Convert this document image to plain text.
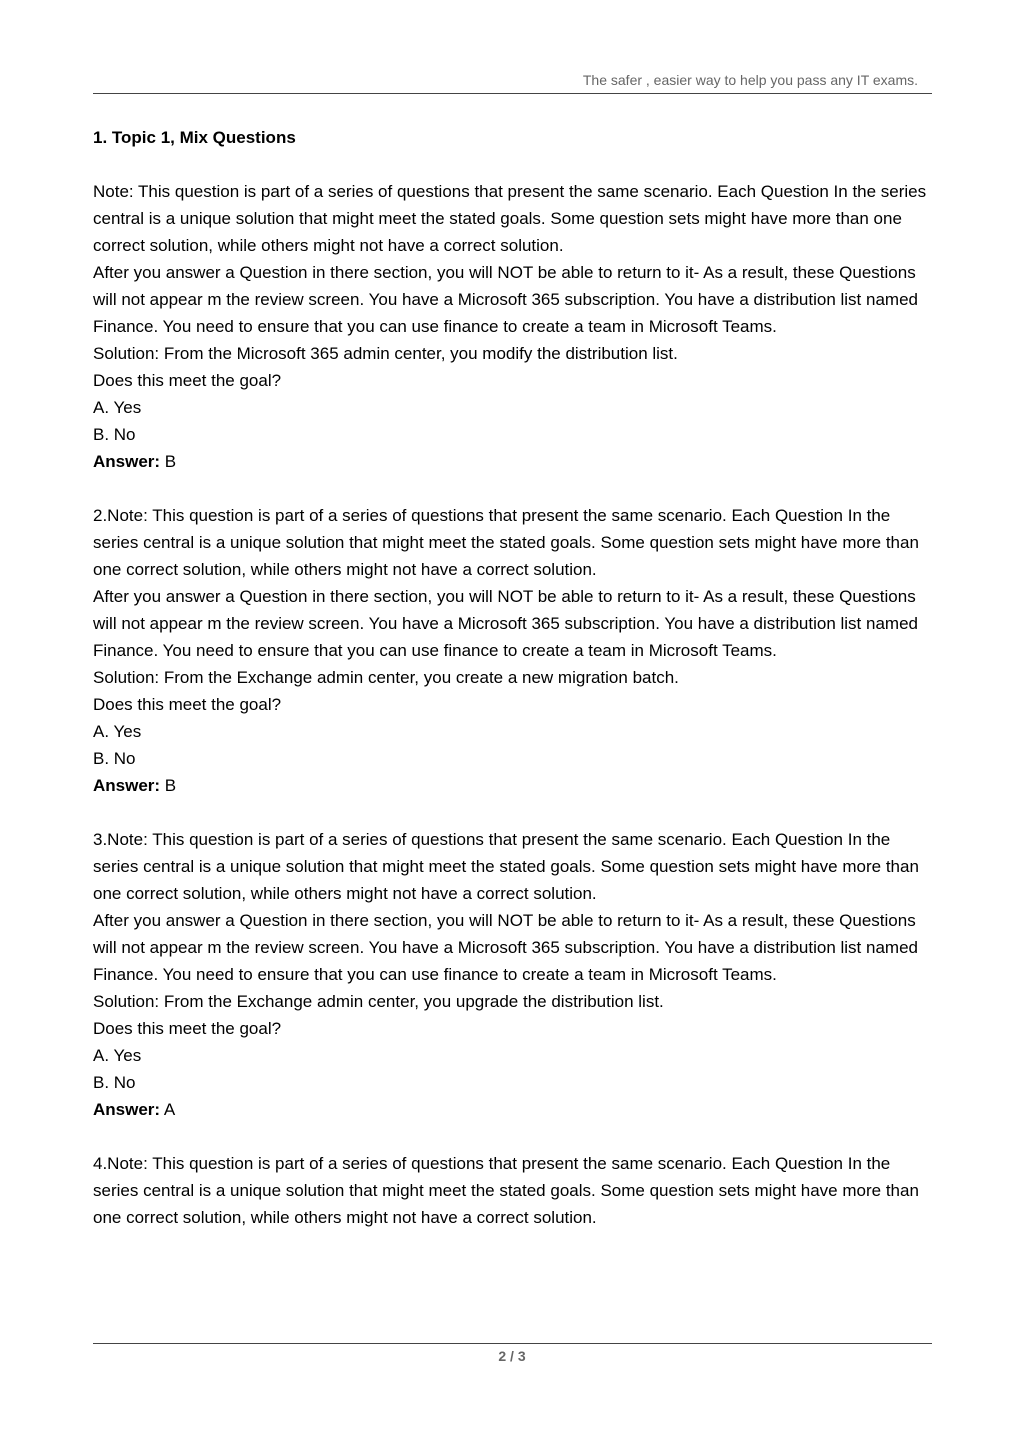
The safer , easier way to help you pass any IT exams.

1. Topic 1, Mix Questions

Note: This question is part of a series of questions that present the same scenario. Each Question In the series central is a unique solution that might meet the stated goals. Some question sets might have more than one correct solution, while others might not have a correct solution.

After you answer a Question in there section, you will NOT be able to return to it- As a result, these Questions will not appear m the review screen. You have a Microsoft 365 subscription. You have a distribution list named Finance. You need to ensure that you can use finance to create a team in Microsoft Teams.

Solution: From the Microsoft 365 admin center, you modify the distribution list.

Does this meet the goal?

A. Yes

B. No

Answer: B

2.Note: This question is part of a series of questions that present the same scenario. Each Question In the series central is a unique solution that might meet the stated goals. Some question sets might have more than one correct solution, while others might not have a correct solution.

After you answer a Question in there section, you will NOT be able to return to it- As a result, these Questions will not appear m the review screen. You have a Microsoft 365 subscription. You have a distribution list named Finance. You need to ensure that you can use finance to create a team in Microsoft Teams.

Solution: From the Exchange admin center, you create a new migration batch.

Does this meet the goal?

A. Yes

B. No

Answer: B

3.Note: This question is part of a series of questions that present the same scenario. Each Question In the series central is a unique solution that might meet the stated goals. Some question sets might have more than one correct solution, while others might not have a correct solution.

After you answer a Question in there section, you will NOT be able to return to it- As a result, these Questions will not appear m the review screen. You have a Microsoft 365 subscription. You have a distribution list named Finance. You need to ensure that you can use finance to create a team in Microsoft Teams.

Solution: From the Exchange admin center, you upgrade the distribution list.

Does this meet the goal?

A. Yes

B. No

Answer: A

4.Note: This question is part of a series of questions that present the same scenario. Each Question In the series central is a unique solution that might meet the stated goals. Some question sets might have more than one correct solution, while others might not have a correct solution.

2 / 3
